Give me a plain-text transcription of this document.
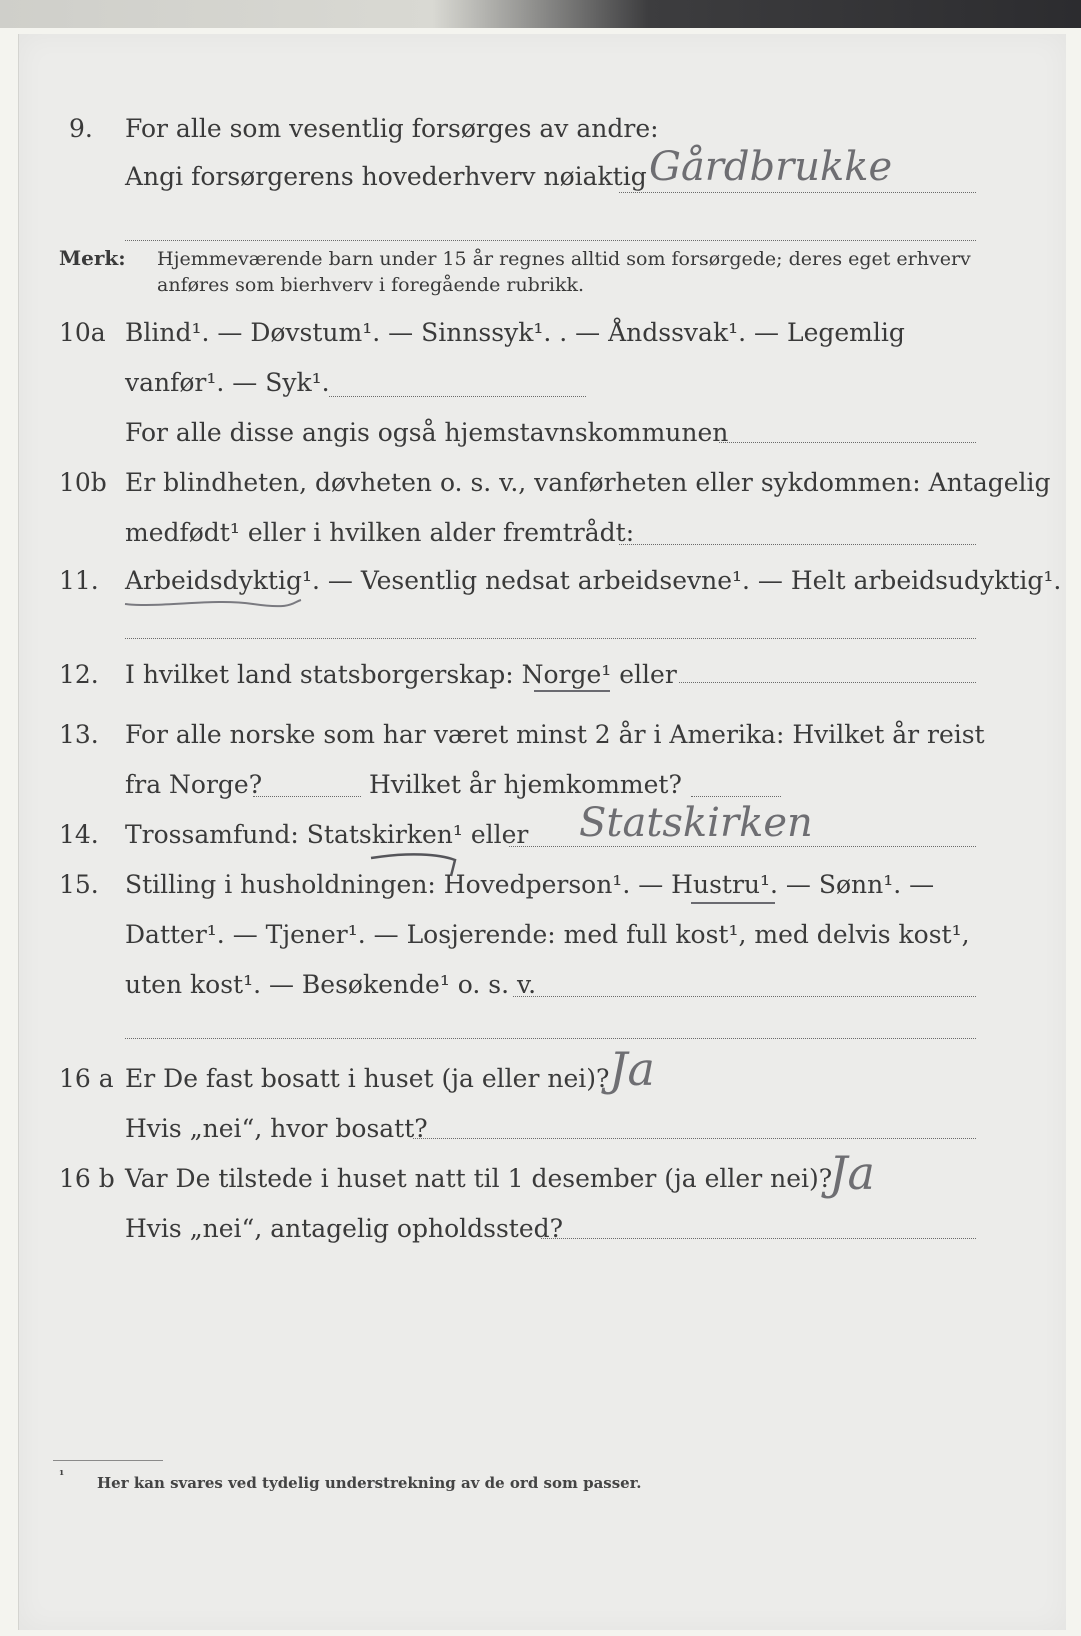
9.	For alle som vesentlig forsørges av andre:
Angi forsørgerens hovederhverv nøiaktig Gårdbrukke
Merk: Hjemmeværende barn under 15 år regnes alltid som forsørgede; deres eget erhverv
anføres som bierhverv i foregående rubrikk.
10a Blind¹. — Døvstum¹. — Sinnssyk¹. . — Åndssvak¹. — Legemlig
vanfør¹. — Syk¹.
For alle disse angis også hjemstavnskommunen
10b Er blindheten, døvheten o. s. v., vanførheten eller sykdommen: Antagelig
medfødt¹ eller i hvilken alder fremtrådt:
11.	Arbeidsdyktig¹. — Vesentlig nedsat arbeidsevne¹. — Helt arbeidsudyktig¹.
12.	I hvilket land statsborgerskap: Norge¹ eller
13.	For alle norske som har været minst 2 år i Amerika: Hvilket år reist
fra Norge?	Hvilket år hjemkommet?
14.	Trossamfund: Statskirken¹ eller Statskirken
15.	Stilling i husholdningen: Hovedperson¹. — Hustru¹. — Sønn¹. —
Datter¹. — Tjener¹. — Losjerende: med full kost¹, med delvis kost¹,
uten kost¹. — Besøkende¹ o. s. v.
16 a Er De fast bosatt i huset (ja eller nei)? Ja
Hvis „nei“, hvor bosatt?
16 b Var De tilstede i huset natt til 1 desember (ja eller nei)?
Ja
Hvis „nei“, antagelig opholdssted?
¹ Her kan svares ved tydelig understrekning av de ord som passer.
